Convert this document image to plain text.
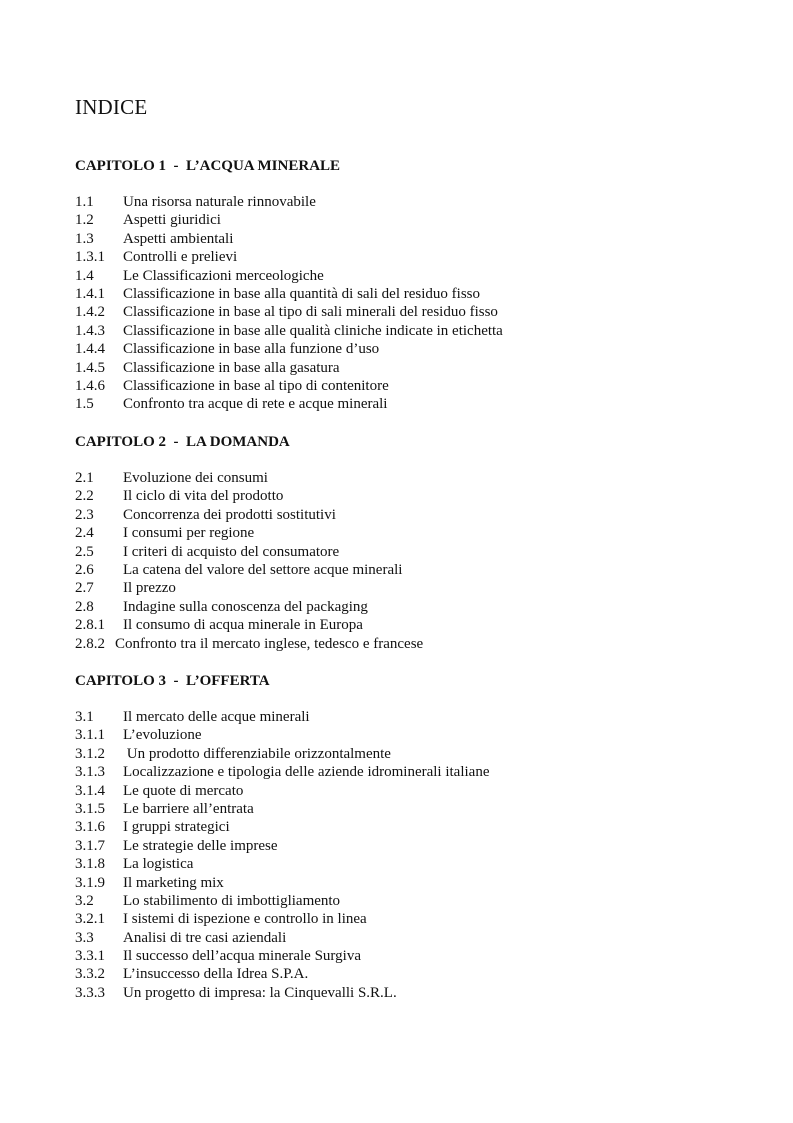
INDICE
CAPITOLO 1  -  L’ACQUA MINERALE
1.1 Una risorsa naturale rinnovabile
1.2 Aspetti giuridici
1.3 Aspetti ambientali
1.3.1 Controlli e prelievi
1.4 Le Classificazioni merceologiche
1.4.1 Classificazione in base alla quantità di sali del residuo fisso
1.4.2 Classificazione in base al tipo di sali minerali del residuo fisso
1.4.3 Classificazione in base alle qualità cliniche indicate in etichetta
1.4.4 Classificazione in base alla funzione d’uso
1.4.5 Classificazione in base alla gasatura
1.4.6 Classificazione in base al tipo di contenitore
1.5 Confronto tra acque di rete e acque minerali
CAPITOLO 2  -  LA DOMANDA
2.1 Evoluzione dei consumi
2.2 Il ciclo di vita del prodotto
2.3 Concorrenza dei prodotti sostitutivi
2.4 I consumi per regione
2.5 I criteri di acquisto del consumatore
2.6 La catena del valore del settore acque minerali
2.7 Il prezzo
2.8 Indagine sulla conoscenza del packaging
2.8.1 Il consumo di acqua minerale in Europa
2.8.2 Confronto tra il mercato inglese, tedesco e francese
CAPITOLO 3  -  L’OFFERTA
3.1 Il mercato delle acque minerali
3.1.1 L’evoluzione
3.1.2 Un prodotto differenziabile orizzontalmente
3.1.3 Localizzazione e tipologia delle aziende idrominerali italiane
3.1.4 Le quote di mercato
3.1.5 Le barriere all’entrata
3.1.6 I gruppi strategici
3.1.7 Le strategie delle imprese
3.1.8 La logistica
3.1.9 Il marketing mix
3.2 Lo stabilimento di imbottigliamento
3.2.1 I sistemi di ispezione e controllo in linea
3.3 Analisi di tre casi aziendali
3.3.1 Il successo dell’acqua minerale Surgiva
3.3.2 L’insuccesso della Idrea S.P.A.
3.3.3 Un progetto di impresa: la Cinquevalli S.R.L.
